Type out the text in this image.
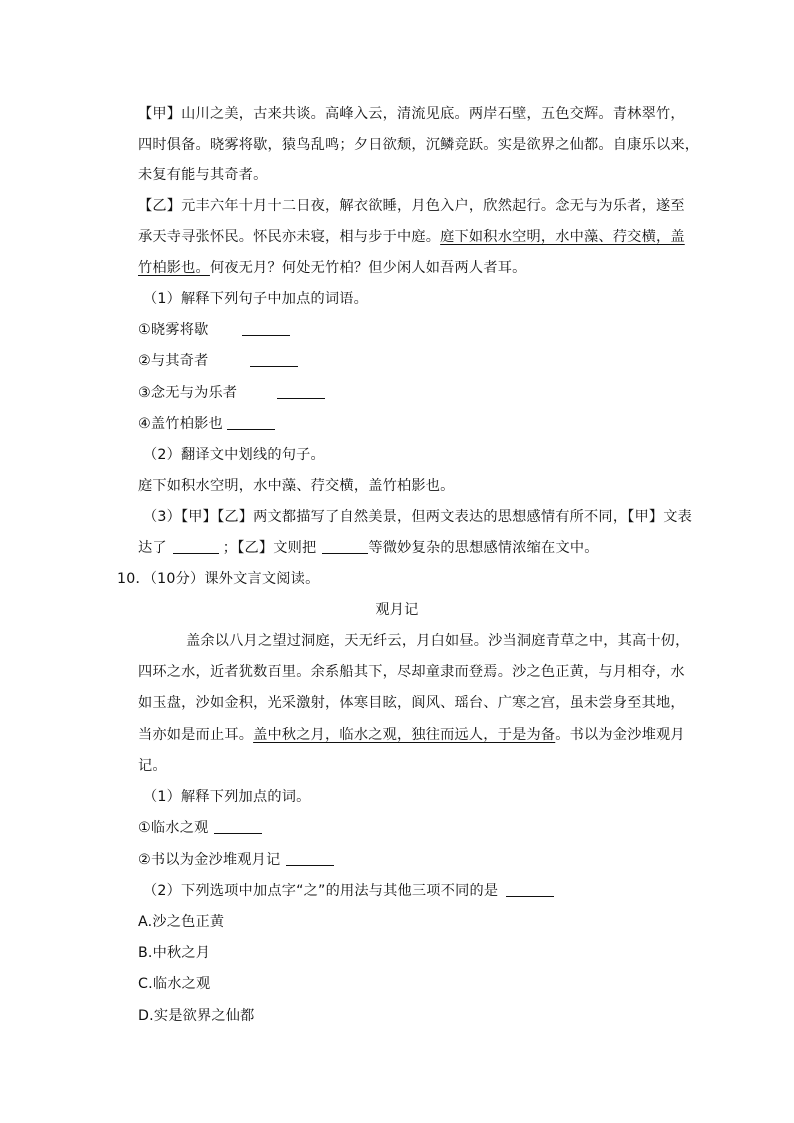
【甲】山川之美，古来共谈。高峰入云，清流见底。两岸石壁，五色交辉。青林翠竹，
四时俱备。晓雾将歇，猿鸟乱鸣；夕日欲颓，沉鳞竞跃。实是欲界之仙都。自康乐以来，
未复有能与其奇者。
【乙】元丰六年十月十二日夜，解衣欲睡，月色入户，欣然起行。念无与为乐者，遂至
承天寺寻张怀民。怀民亦未寝，相与步于中庭。庭下如积水空明，水中藻、荇交横，盖
竹柏影也。何夜无月？何处无竹柏？但少闲人如吾两人者耳。
（1）解释下列句子中加点的词语。
①晓雾将歇
②与其奇者
③念无与为乐者
④盖竹柏影也
（2）翻译文中划线的句子。
庭下如积水空明，水中藻、荇交横，盖竹柏影也。
（3）【甲】【乙】两文都描写了自然美景，但两文表达的思想感情有所不同，【甲】文表
达了	；【乙】文则把	等微妙复杂的思想感情浓缩在文中。
10．（10分）课外文言文阅读。
观月记
盖余以八月之望过洞庭，天无纤云，月白如昼。沙当洞庭青草之中，其高十仞，
四环之水，近者犹数百里。余系船其下，尽却童隶而登焉。沙之色正黄，与月相夺，水
如玉盘，沙如金积，光采激射，体寒目眩，阆风、瑶台、广寒之宫，虽未尝身至其地，
当亦如是而止耳。盖中秋之月，临水之观，独往而远人，于是为备。书以为金沙堆观月
记。
（1）解释下列加点的词。
①临水之观
②书以为金沙堆观月记
（2）下列选项中加点字“之”的用法与其他三项不同的是
A.沙之色正黄
B.中秋之月
C.临水之观
D.实是欲界之仙都
